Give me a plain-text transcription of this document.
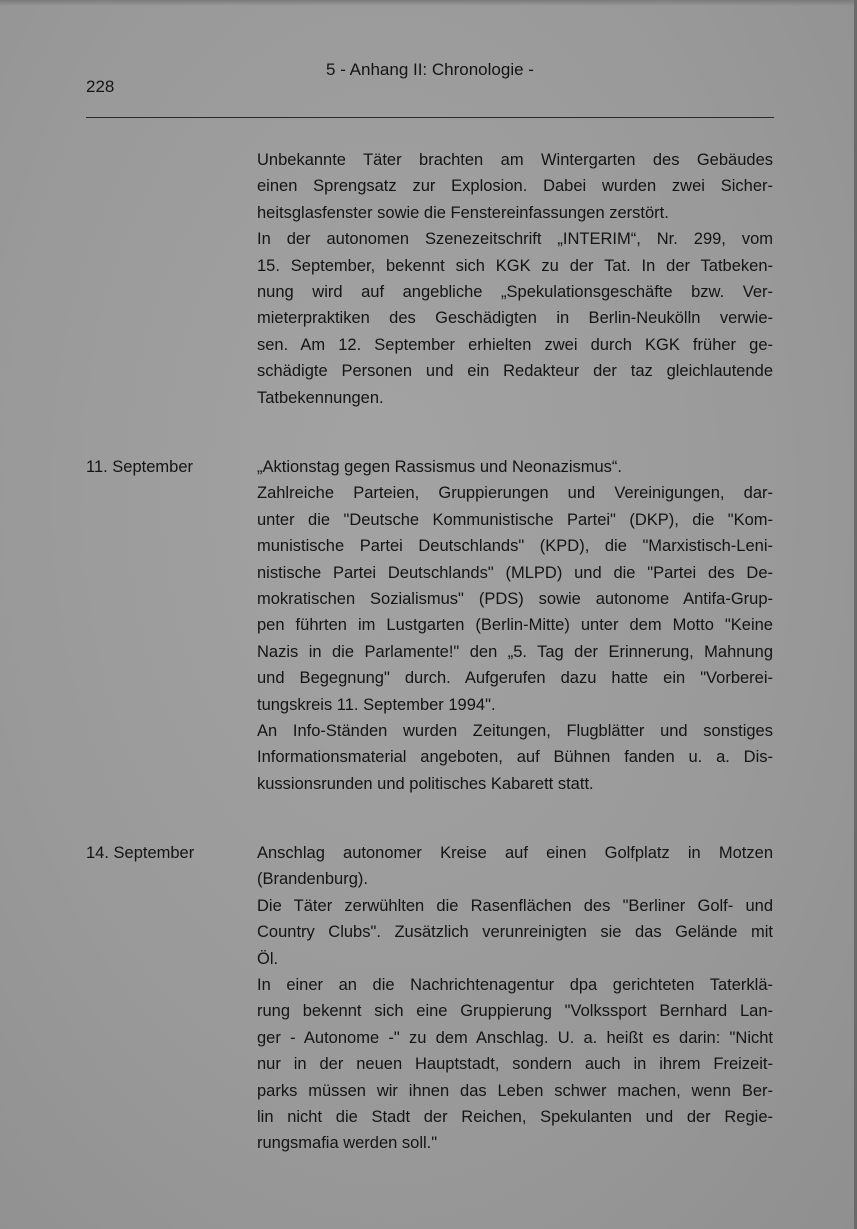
228
5 - Anhang II: Chronologie -
Unbekannte Täter brachten am Wintergarten des Gebäudes
einen Sprengsatz zur Explosion. Dabei wurden zwei Sicher-
heitsglasfenster sowie die Fenstereinfassungen zerstört.
In der autonomen Szenezeitschrift „INTERIM“, Nr. 299, vom
15. September, bekennt sich KGK zu der Tat. In der Tatbeken-
nung wird auf angebliche „Spekulationsgeschäfte bzw. Ver-
mieterpraktiken des Geschädigten in Berlin-Neukölln verwie-
sen. Am 12. September erhielten zwei durch KGK früher ge-
schädigte Personen und ein Redakteur der taz gleichlautende
Tatbekennungen.
11. September	„Aktionstag gegen Rassismus und Neonazismus“.
Zahlreiche Parteien, Gruppierungen und Vereinigungen, dar-
unter die "Deutsche Kommunistische Partei" (DKP), die "Kom-
munistische Partei Deutschlands" (KPD), die "Marxistisch-Leni-
nistische Partei Deutschlands" (MLPD) und die "Partei des De-
mokratischen Sozialismus" (PDS) sowie autonome Antifa-Grup-
pen führten im Lustgarten (Berlin-Mitte) unter dem Motto "Keine
Nazis in die Parlamente!" den „5. Tag der Erinnerung, Mahnung
und Begegnung" durch. Aufgerufen dazu hatte ein "Vorberei-
tungskreis 11. September 1994".
An Info-Ständen wurden Zeitungen, Flugblätter und sonstiges
Informationsmaterial angeboten, auf Bühnen fanden u. a. Dis-
kussionsrunden und politisches Kabarett statt.
14. September	Anschlag autonomer Kreise auf einen Golfplatz in Motzen
(Brandenburg).
Die Täter zerwühlten die Rasenflächen des "Berliner Golf- und
Country Clubs". Zusätzlich verunreinigten sie das Gelände mit
Öl.
In einer an die Nachrichtenagentur dpa gerichteten Taterklä-
rung bekennt sich eine Gruppierung "Volkssport Bernhard Lan-
ger - Autonome -" zu dem Anschlag. U. a. heißt es darin: "Nicht
nur in der neuen Hauptstadt, sondern auch in ihrem Freizeit-
parks müssen wir ihnen das Leben schwer machen, wenn Ber-
lin nicht die Stadt der Reichen, Spekulanten und der Regie-
rungsmafia werden soll."
